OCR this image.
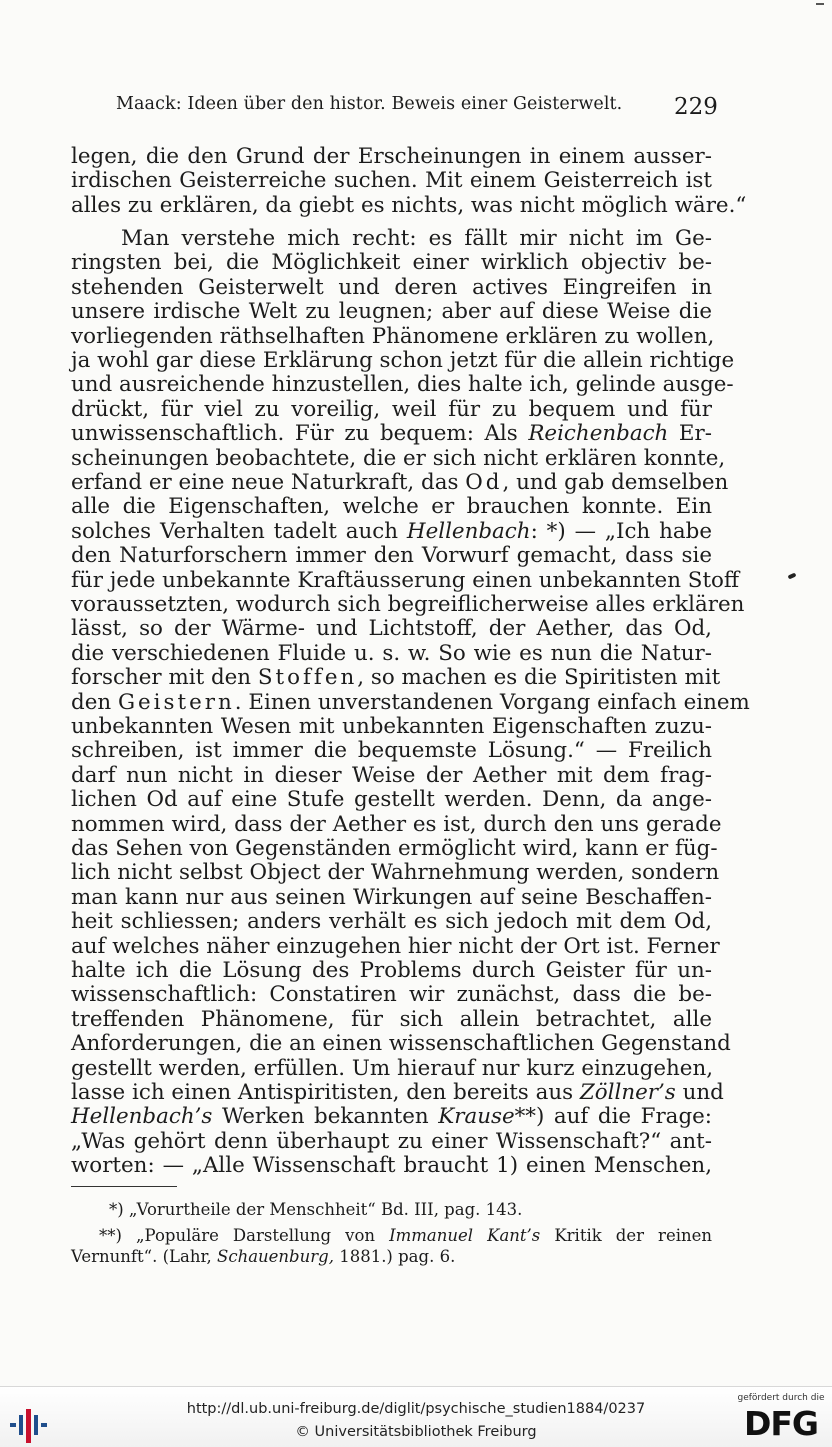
Maack: Ideen über den histor. Beweis einer Geisterwelt.	229
legen, die den Grund der Erscheinungen in einem ausser-
irdischen Geisterreiche suchen. Mit einem Geisterreich ist
alles zu erklären, da giebt es nichts, was nicht möglich wäre.“
Man verstehe mich recht: es fällt mir nicht im Ge-
ringsten bei, die Möglichkeit einer wirklich objectiv be-
stehenden Geisterwelt und deren actives Eingreifen in
unsere irdische Welt zu leugnen; aber auf diese Weise die
vorliegenden räthselhaften Phänomene erklären zu wollen,
ja wohl gar diese Erklärung schon jetzt für die allein richtige
und ausreichende hinzustellen, dies halte ich, gelinde ausge-
drückt, für viel zu voreilig, weil für zu bequem und für
unwissenschaftlich. Für zu bequem: Als Reichenbach Er-
scheinungen beobachtete, die er sich nicht erklären konnte,
erfand er eine neue Naturkraft, das Od, und gab demselben
alle die Eigenschaften, welche er brauchen konnte. Ein
solches Verhalten tadelt auch Hellenbach: *) — „Ich habe
den Naturforschern immer den Vorwurf gemacht, dass sie
für jede unbekannte Kraftäusserung einen unbekannten Stoff
voraussetzten, wodurch sich begreiflicherweise alles erklären
lässt, so der Wärme- und Lichtstoff, der Aether, das Od,
die verschiedenen Fluide u. s. w. So wie es nun die Natur-
forscher mit den Stoffen, so machen es die Spiritisten mit
den Geistern. Einen unverstandenen Vorgang einfach einem
unbekannten Wesen mit unbekannten Eigenschaften zuzu-
schreiben, ist immer die bequemste Lösung.“ — Freilich
darf nun nicht in dieser Weise der Aether mit dem frag-
lichen Od auf eine Stufe gestellt werden. Denn, da ange-
nommen wird, dass der Aether es ist, durch den uns gerade
das Sehen von Gegenständen ermöglicht wird, kann er füg-
lich nicht selbst Object der Wahrnehmung werden, sondern
man kann nur aus seinen Wirkungen auf seine Beschaffen-
heit schliessen; anders verhält es sich jedoch mit dem Od,
auf welches näher einzugehen hier nicht der Ort ist. Ferner
halte ich die Lösung des Problems durch Geister für un-
wissenschaftlich: Constatiren wir zunächst, dass die be-
treffenden Phänomene, für sich allein betrachtet, alle
Anforderungen, die an einen wissenschaftlichen Gegenstand
gestellt werden, erfüllen. Um hierauf nur kurz einzugehen,
lasse ich einen Antispiritisten, den bereits aus Zöllner’s und
Hellenbach’s Werken bekannten Krause**) auf die Frage:
„Was gehört denn überhaupt zu einer Wissenschaft?“ ant-
worten: — „Alle Wissenschaft braucht 1) einen Menschen,
*) „Vorurtheile der Menschheit“ Bd. III, pag. 143.
**) „Populäre Darstellung von Immanuel Kant’s Kritik der reinen
Vernunft“. (Lahr, Schauenburg, 1881.) pag. 6.
http://dl.ub.uni-freiburg.de/diglit/psychische_studien1884/0237
© Universitätsbibliothek Freiburg
gefördert durch die
DFG
